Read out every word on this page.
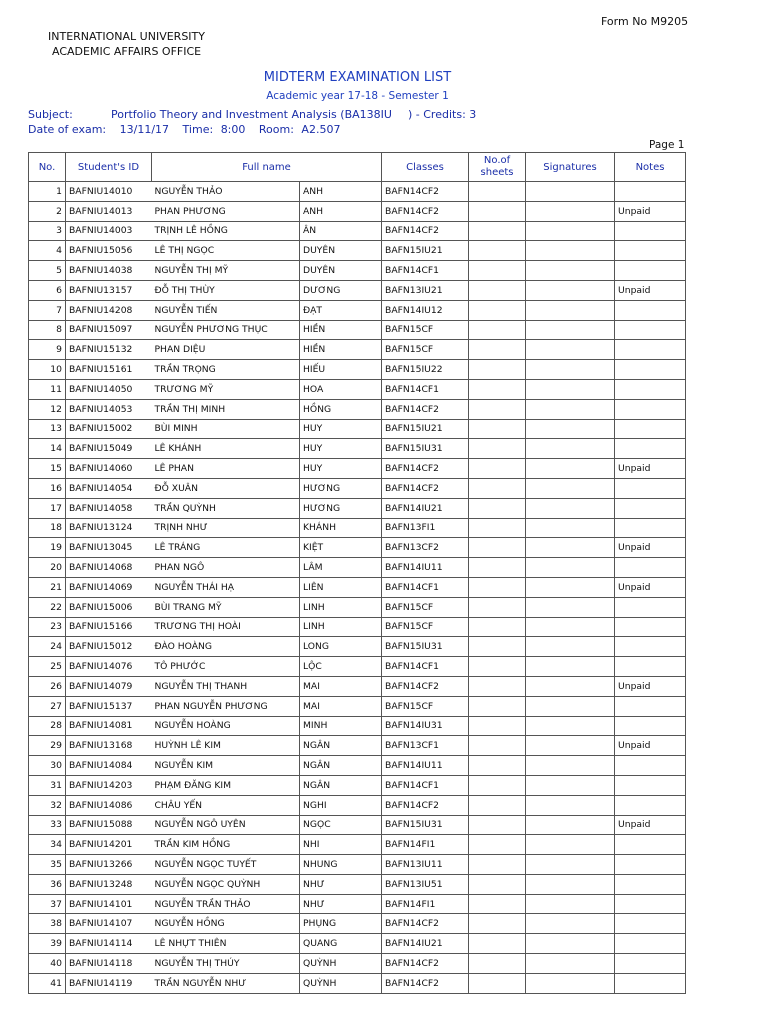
Form No M9205
INTERNATIONAL UNIVERSITY
ACADEMIC AFFAIRS OFFICE
MIDTERM EXAMINATION LIST
Academic year 17-18 - Semester 1
Subject:	Portfolio Theory and Investment Analysis (BA138IU ) - Credits: 3
Date of exam: 13/11/17 Time: 8:00 Room: A2.507
Page 1
No.	Student's ID	Full name		Classes	No.of sheets	Signatures	Notes
1	BAFNIU14010	NGUYỄN THẢO	ANH	BAFN14CF2			
2	BAFNIU14013	PHAN PHƯƠNG	ANH	BAFN14CF2			Unpaid
3	BAFNIU14003	TRỊNH LÊ HỒNG	ÂN	BAFN14CF2			
4	BAFNIU15056	LÊ THỊ NGỌC	DUYÊN	BAFN15IU21			
5	BAFNIU14038	NGUYỄN THỊ MỸ	DUYÊN	BAFN14CF1			
6	BAFNIU13157	ĐỖ THỊ THÙY	DƯƠNG	BAFN13IU21			Unpaid
7	BAFNIU14208	NGUYỄN TIẾN	ĐẠT	BAFN14IU12			
8	BAFNIU15097	NGUYỄN PHƯƠNG THỤC	HIỀN	BAFN15CF			
9	BAFNIU15132	PHAN DIỆU	HIỀN	BAFN15CF			
10	BAFNIU15161	TRẦN TRỌNG	HIẾU	BAFN15IU22			
11	BAFNIU14050	TRƯƠNG MỸ	HOA	BAFN14CF1			
12	BAFNIU14053	TRẦN THỊ MINH	HỒNG	BAFN14CF2			
13	BAFNIU15002	BÙI MINH	HUY	BAFN15IU21			
14	BAFNIU15049	LÊ KHÁNH	HUY	BAFN15IU31			
15	BAFNIU14060	LÊ PHAN	HUY	BAFN14CF2			Unpaid
16	BAFNIU14054	ĐỖ XUÂN	HƯƠNG	BAFN14CF2			
17	BAFNIU14058	TRẦN QUỲNH	HƯƠNG	BAFN14IU21			
18	BAFNIU13124	TRỊNH NHƯ	KHÁNH	BAFN13FI1			
19	BAFNIU13045	LÊ TRÁNG	KIỆT	BAFN13CF2			Unpaid
20	BAFNIU14068	PHAN NGÔ	LÂM	BAFN14IU11			
21	BAFNIU14069	NGUYỄN THÁI HẠ	LIÊN	BAFN14CF1			Unpaid
22	BAFNIU15006	BÙI TRANG MỸ	LINH	BAFN15CF			
23	BAFNIU15166	TRƯƠNG THỊ HOÀI	LINH	BAFN15CF			
24	BAFNIU15012	ĐÀO HOÀNG	LONG	BAFN15IU31			
25	BAFNIU14076	TÔ PHƯỚC	LỘC	BAFN14CF1			
26	BAFNIU14079	NGUYỄN THỊ THANH	MAI	BAFN14CF2			Unpaid
27	BAFNIU15137	PHAN NGUYỄN PHƯƠNG	MAI	BAFN15CF			
28	BAFNIU14081	NGUYỄN HOÀNG	MINH	BAFN14IU31			
29	BAFNIU13168	HUỲNH LÊ KIM	NGÂN	BAFN13CF1			Unpaid
30	BAFNIU14084	NGUYỄN KIM	NGÂN	BAFN14IU11			
31	BAFNIU14203	PHẠM ĐĂNG KIM	NGÂN	BAFN14CF1			
32	BAFNIU14086	CHÂU YẾN	NGHI	BAFN14CF2			
33	BAFNIU15088	NGUYỄN NGÔ UYÊN	NGỌC	BAFN15IU31			Unpaid
34	BAFNIU14201	TRẦN KIM HỒNG	NHI	BAFN14FI1			
35	BAFNIU13266	NGUYỄN NGỌC TUYẾT	NHUNG	BAFN13IU11			
36	BAFNIU13248	NGUYỄN NGỌC QUỲNH	NHƯ	BAFN13IU51			
37	BAFNIU14101	NGUYỄN TRẦN THẢO	NHƯ	BAFN14FI1			
38	BAFNIU14107	NGUYỄN HỒNG	PHỤNG	BAFN14CF2			
39	BAFNIU14114	LÊ NHỰT THIÊN	QUANG	BAFN14IU21			
40	BAFNIU14118	NGUYỄN THỊ THÚY	QUỲNH	BAFN14CF2			
41	BAFNIU14119	TRẦN NGUYỄN NHƯ	QUỲNH	BAFN14CF2			
